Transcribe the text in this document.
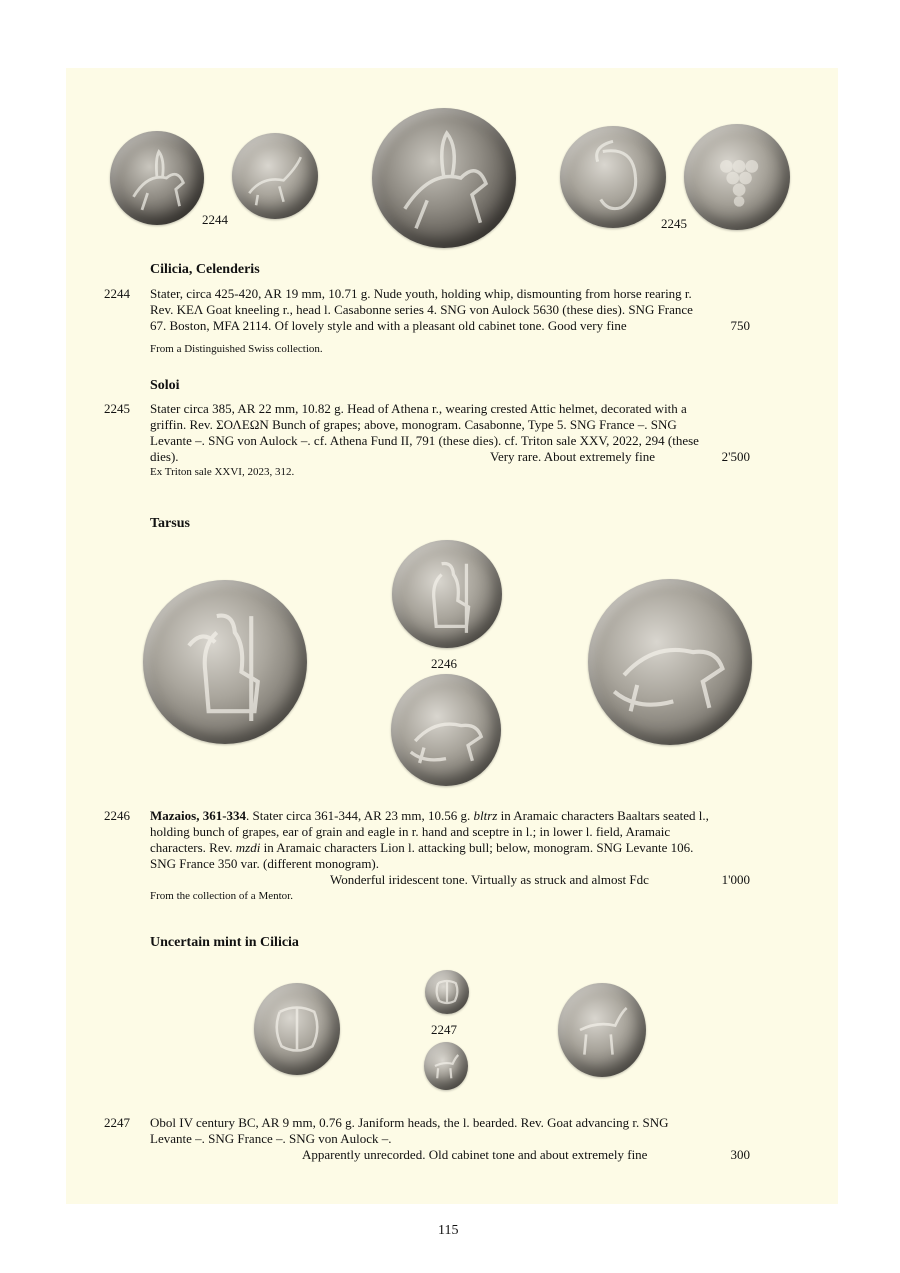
2244	2245
Cilicia, Celenderis
2244 Stater, circa 425-420, AR 19 mm, 10.71 g. Nude youth, holding whip, dismounting from horse rearing r.
Rev. ΚΕΛ Goat kneeling r., head l. Casabonne series 4. SNG von Aulock 5630 (these dies). SNG France
67. Boston, MFA 2114. Of lovely style and with a pleasant old cabinet tone. Good very fine	750
From a Distinguished Swiss collection.
Soloi
2245 Stater circa 385, AR 22 mm, 10.82 g. Head of Athena r., wearing crested Attic helmet, decorated with a
griffin. Rev. ΣΟΛΕΩΝ Bunch of grapes; above, monogram. Casabonne, Type 5. SNG France –. SNG
Levante –. SNG von Aulock –. cf. Athena Fund II, 791 (these dies). cf. Triton sale XXV, 2022, 294 (these
dies).	Very rare. About extremely fine	2'500
Ex Triton sale XXVI, 2023, 312.
Tarsus
2246
2246 Mazaios, 361-334. Stater circa 361-344, AR 23 mm, 10.56 g. bltrz in Aramaic characters Baaltars seated l.,
holding bunch of grapes, ear of grain and eagle in r. hand and sceptre in l.; in lower l. field, Aramaic
characters. Rev. mzdi in Aramaic characters Lion l. attacking bull; below, monogram. SNG Levante 106.
SNG France 350 var. (different monogram).
Wonderful iridescent tone. Virtually as struck and almost Fdc	1'000
From the collection of a Mentor.
Uncertain mint in Cilicia
2247
2247 Obol IV century BC, AR 9 mm, 0.76 g. Janiform heads, the l. bearded. Rev. Goat advancing r. SNG
Levante –. SNG France –. SNG von Aulock –.
Apparently unrecorded. Old cabinet tone and about extremely fine	300
115
